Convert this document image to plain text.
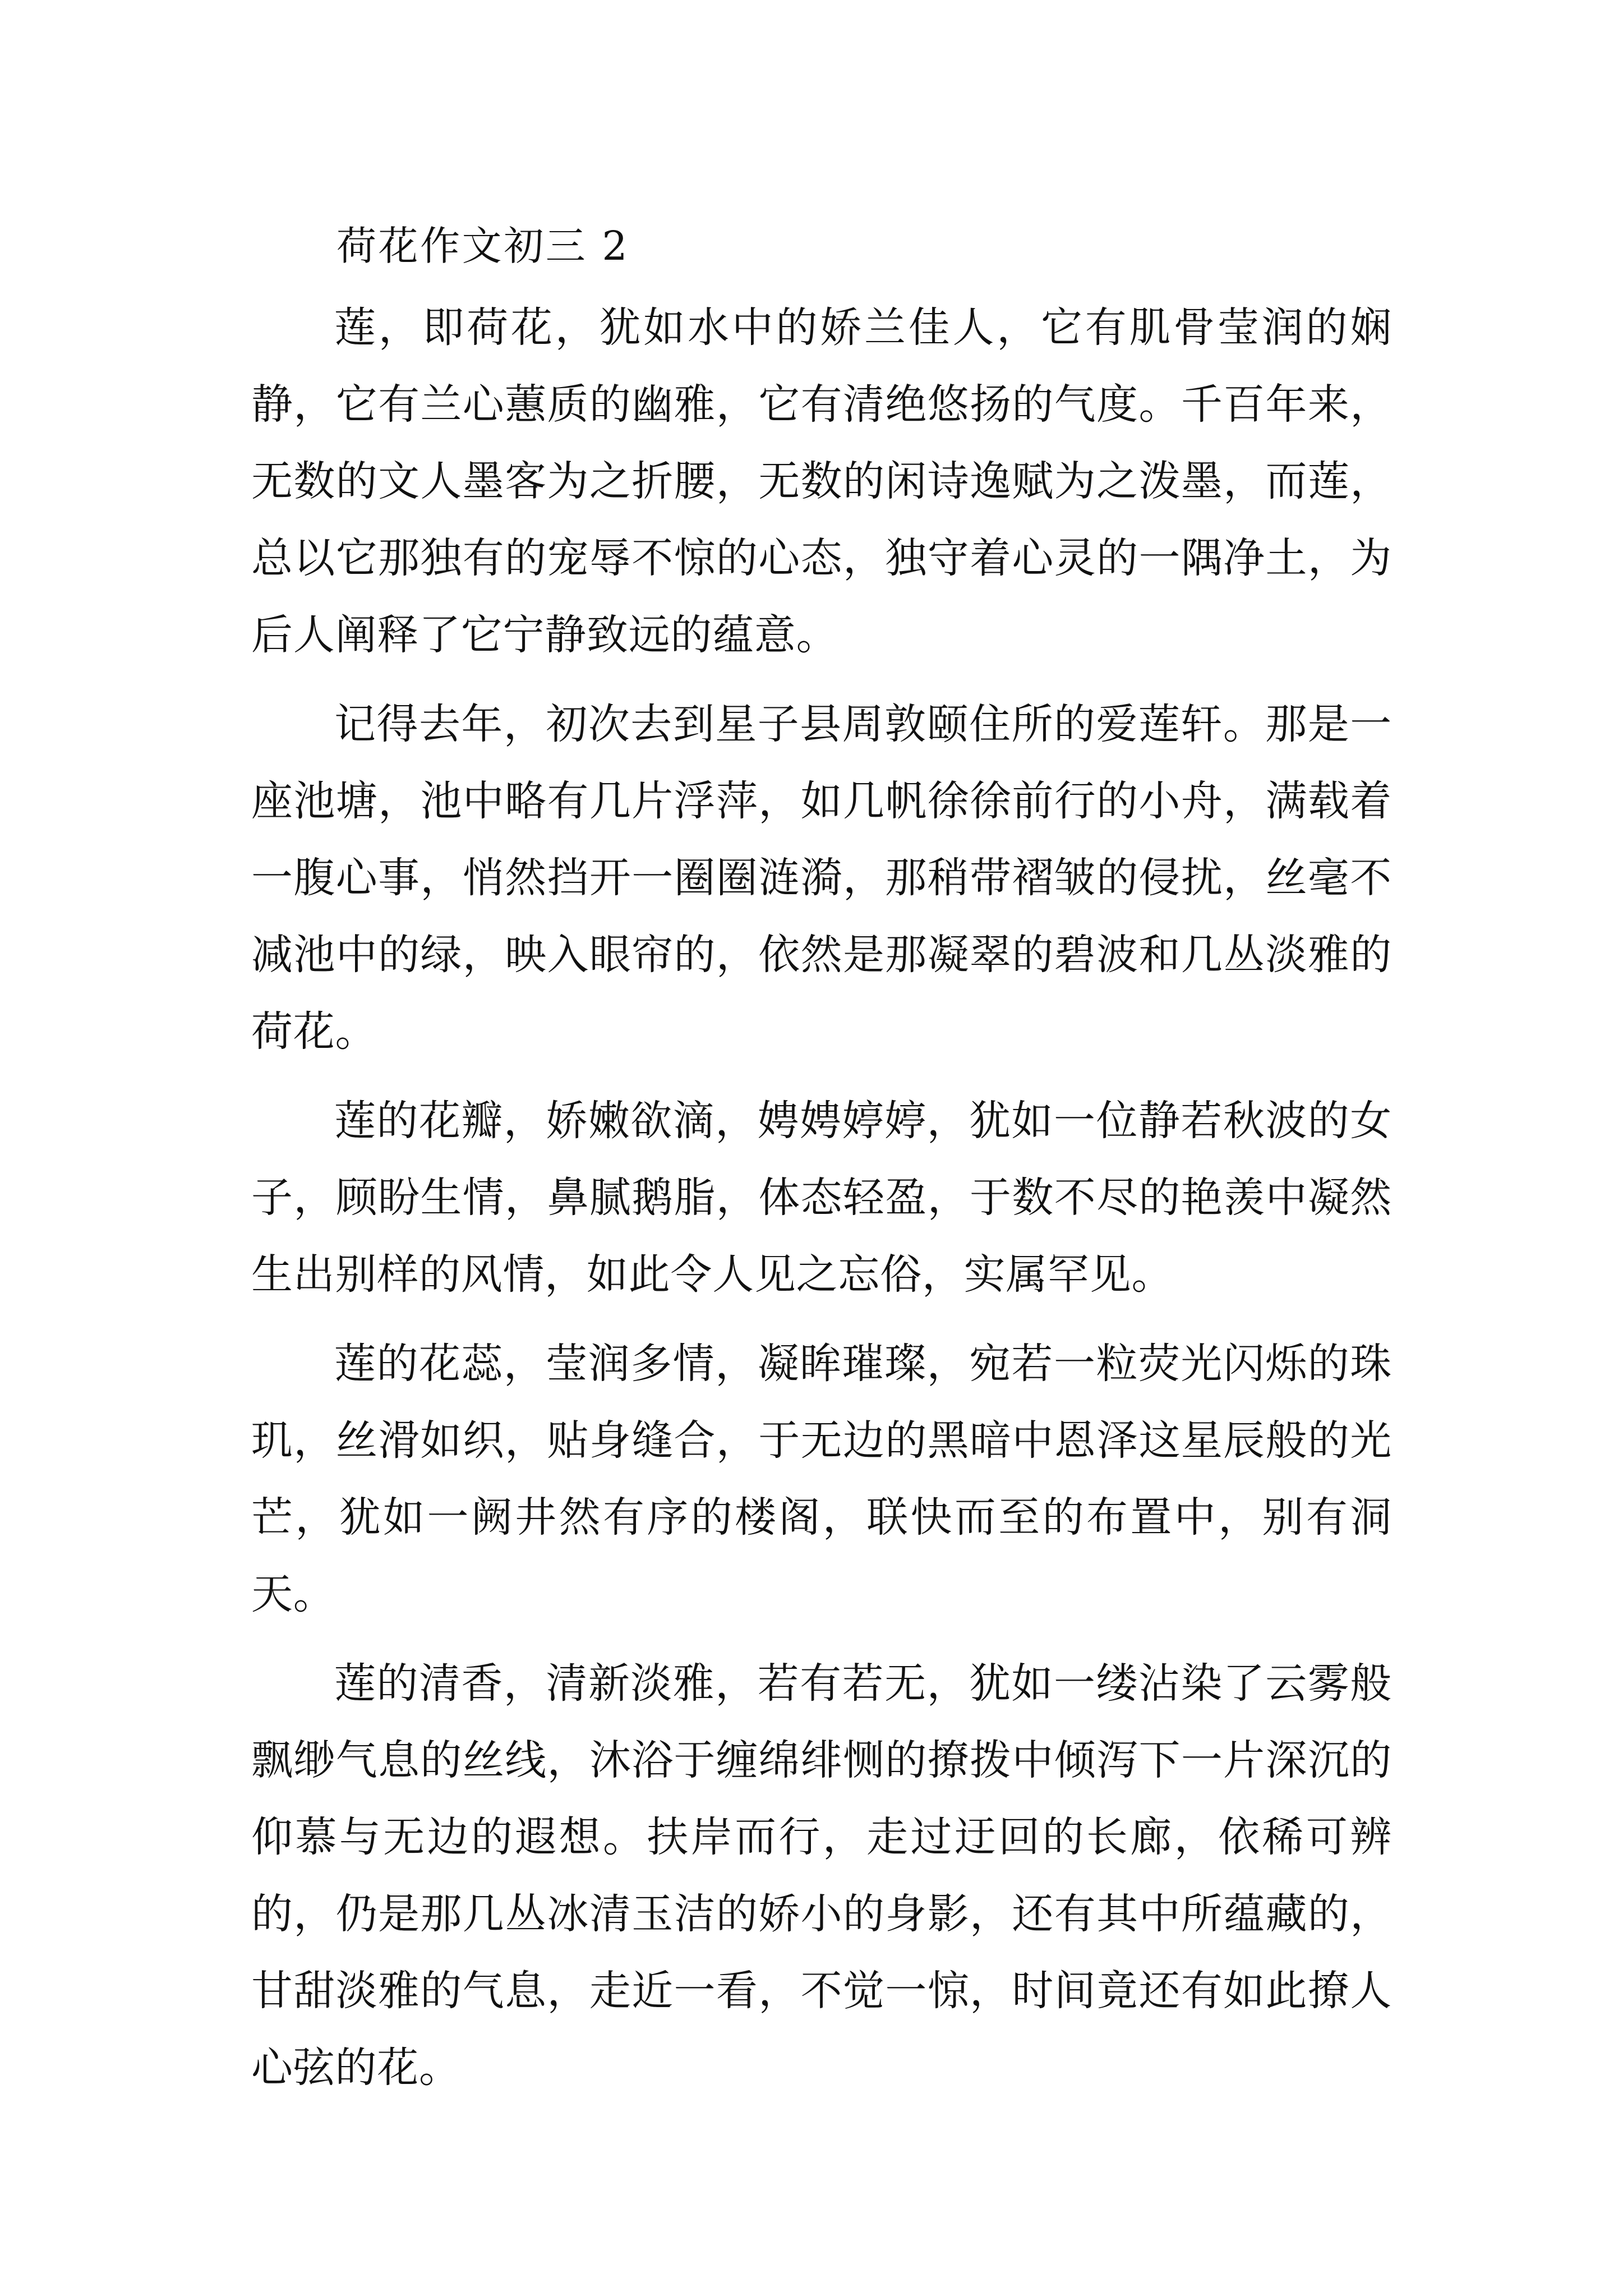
荷花作文初三 2

莲，即荷花，犹如水中的娇兰佳人，它有肌骨莹润的娴静，它有兰心蕙质的幽雅，它有清绝悠扬的气度。千百年来，无数的文人墨客为之折腰，无数的闲诗逸赋为之泼墨，而莲，总以它那独有的宠辱不惊的心态，独守着心灵的一隅净土，为后人阐释了它宁静致远的蕴意。

记得去年，初次去到星子县周敦颐住所的爱莲轩。那是一座池塘，池中略有几片浮萍，如几帆徐徐前行的小舟，满载着一腹心事，悄然挡开一圈圈涟漪，那稍带褶皱的侵扰，丝毫不减池中的绿，映入眼帘的，依然是那凝翠的碧波和几丛淡雅的荷花。

莲的花瓣，娇嫩欲滴，娉娉婷婷，犹如一位静若秋波的女子，顾盼生情，鼻腻鹅脂，体态轻盈，于数不尽的艳羡中凝然生出别样的风情，如此令人见之忘俗，实属罕见。

莲的花蕊，莹润多情，凝眸璀璨，宛若一粒荧光闪烁的珠玑，丝滑如织，贴身缝合，于无边的黑暗中恩泽这星辰般的光芒，犹如一阙井然有序的楼阁，联快而至的布置中，别有洞天。

莲的清香，清新淡雅，若有若无，犹如一缕沾染了云雾般飘缈气息的丝线，沐浴于缠绵绯恻的撩拨中倾泻下一片深沉的仰慕与无边的遐想。扶岸而行，走过迂回的长廊，依稀可辨的，仍是那几丛冰清玉洁的娇小的身影，还有其中所蕴藏的，甘甜淡雅的气息，走近一看，不觉一惊，时间竟还有如此撩人心弦的花。
